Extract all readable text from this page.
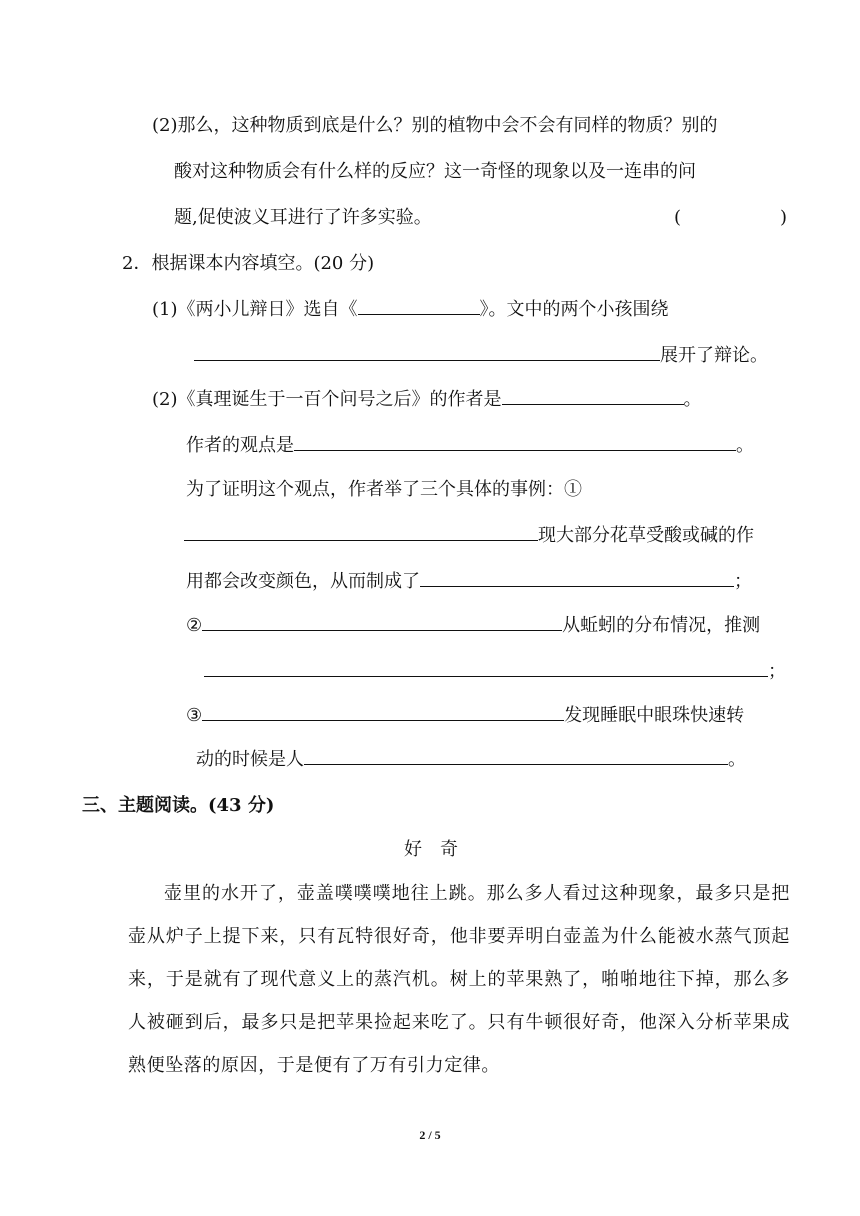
(2)那么，这种物质到底是什么？别的植物中会不会有同样的物质？别的
酸对这种物质会有什么样的反应？这一奇怪的现象以及一连串的问
题,促使波义耳进行了许多实验。	(	)
2．根据课本内容填空。(20 分)
(1)《两小儿辩日》选自《	》。文中的两个小孩围绕
展开了辩论。
(2)《真理诞生于一百个问号之后》的作者是	。
作者的观点是	。
为了证明这个观点，作者举了三个具体的事例：①
现大部分花草受酸或碱的作
用都会改变颜色，从而制成了	；
②	从蚯蚓的分布情况，推测
；
③	发现睡眠中眼珠快速转
动的时候是人	。
三、主题阅读。(43 分)
好　奇
壶里的水开了，壶盖噗噗噗地往上跳。那么多人看过这种现象，最多只是把壶从炉子上提下来，只有瓦特很好奇，他非要弄明白壶盖为什么能被水蒸气顶起来，于是就有了现代意义上的蒸汽机。树上的苹果熟了，啪啪地往下掉，那么多人被砸到后，最多只是把苹果捡起来吃了。只有牛顿很好奇，他深入分析苹果成熟便坠落的原因，于是便有了万有引力定律。
2 / 5
